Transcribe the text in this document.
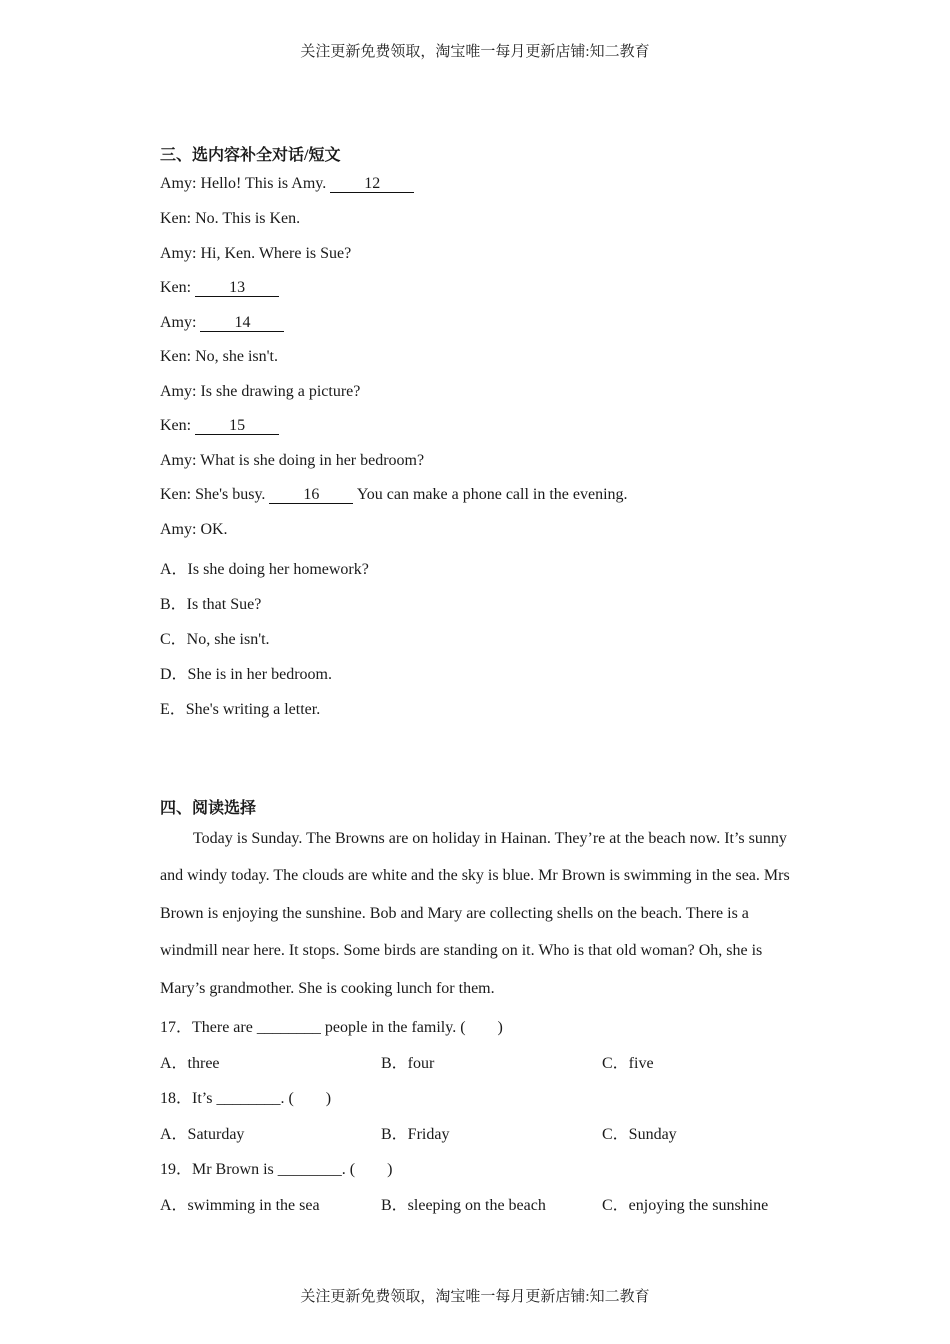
关注更新免费领取，淘宝唯一每月更新店铺:知二教育
三、选内容补全对话/短文
Amy: Hello! This is Amy. 12
Ken: No. This is Ken.
Amy: Hi, Ken. Where is Sue?
Ken: 13
Amy: 14
Ken: No, she isn't.
Amy: Is she drawing a picture?
Ken: 15
Amy: What is she doing in her bedroom?
Ken: She's busy. 16 You can make a phone call in the evening.
Amy: OK.
A．Is she doing her homework?
B．Is that Sue?
C．No, she isn't.
D．She is in her bedroom.
E．She's writing a letter.
四、阅读选择
Today is Sunday. The Browns are on holiday in Hainan. They’re at the beach now. It’s sunny and windy today. The clouds are white and the sky is blue. Mr Brown is swimming in the sea. Mrs Brown is enjoying the sunshine. Bob and Mary are collecting shells on the beach. There is a windmill near here. It stops. Some birds are standing on it. Who is that old woman? Oh, she is Mary’s grandmother. She is cooking lunch for them.
17．There are ________ people in the family. (　　)
A．three	B．four	C．five
18．It’s ________. (　　)
A．Saturday	B．Friday	C．Sunday
19．Mr Brown is ________. (　　)
A．swimming in the sea	B．sleeping on the beach	C．enjoying the sunshine
关注更新免费领取，淘宝唯一每月更新店铺:知二教育
